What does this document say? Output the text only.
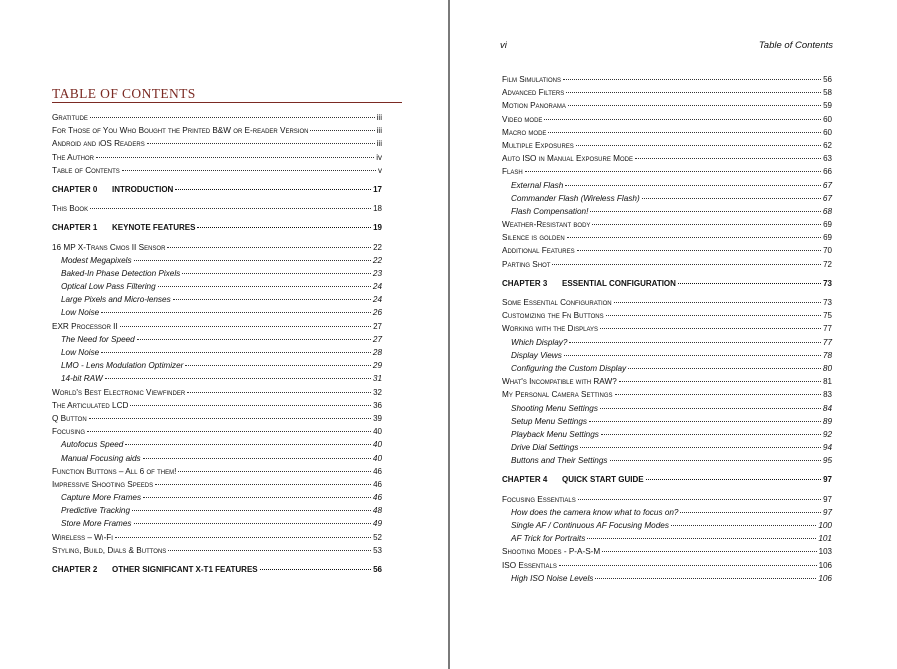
TABLE OF CONTENTS
Gratitude	iii
For Those of You Who Bought the Printed B&W or E-reader Version	iii
Android and iOS Readers	iii
The Author	iv
Table of Contents	v
CHAPTER 0 INTRODUCTION	17
This Book	18
CHAPTER 1 KEYNOTE FEATURES	19
16 MP X-Trans Cmos II Sensor	22
Modest Megapixels	22
Baked-In Phase Detection Pixels	23
Optical Low Pass Filtering	24
Large Pixels and Micro-lenses	24
Low Noise	26
EXR Processor II	27
The Need for Speed	27
Low Noise	28
LMO - Lens Modulation Optimizer	29
14-bit RAW	31
World's Best Electronic Viewfinder	32
The Articulated LCD	36
Q Button	39
Focusing	40
Autofocus Speed	40
Manual Focusing aids	40
Function Buttons – All 6 of them!	46
Impressive Shooting Speeds	46
Capture More Frames	46
Predictive Tracking	48
Store More Frames	49
Wireless – Wi-Fi	52
Styling, Build, Dials & Buttons	53
CHAPTER 2 OTHER SIGNIFICANT X-T1 FEATURES	56
vi	Table of Contents
Film Simulations	56
Advanced Filters	58
Motion Panorama	59
Video mode	60
Macro mode	60
Multiple Exposures	62
Auto ISO in Manual Exposure Mode	63
Flash	66
External Flash	67
Commander Flash (Wireless Flash)	67
Flash Compensation!	68
Weather-Resistant body	69
Silence is golden	69
Additional Features	70
Parting Shot	72
CHAPTER 3 ESSENTIAL CONFIGURATION	73
Some Essential Configuration	73
Customizing the Fn Buttons	75
Working with the Displays	77
Which Display?	77
Display Views	78
Configuring the Custom Display	80
What's Incompatible with RAW?	81
My Personal Camera Settings	83
Shooting Menu Settings	84
Setup Menu Settings	89
Playback Menu Settings	92
Drive Dial Settings	94
Buttons and Their Settings	95
CHAPTER 4 QUICK START GUIDE	97
Focusing Essentials	97
How does the camera know what to focus on?	97
Single AF / Continuous AF Focusing Modes	100
AF Trick for Portraits	101
Shooting Modes - P-A-S-M	103
ISO Essentials	106
High ISO Noise Levels	106
